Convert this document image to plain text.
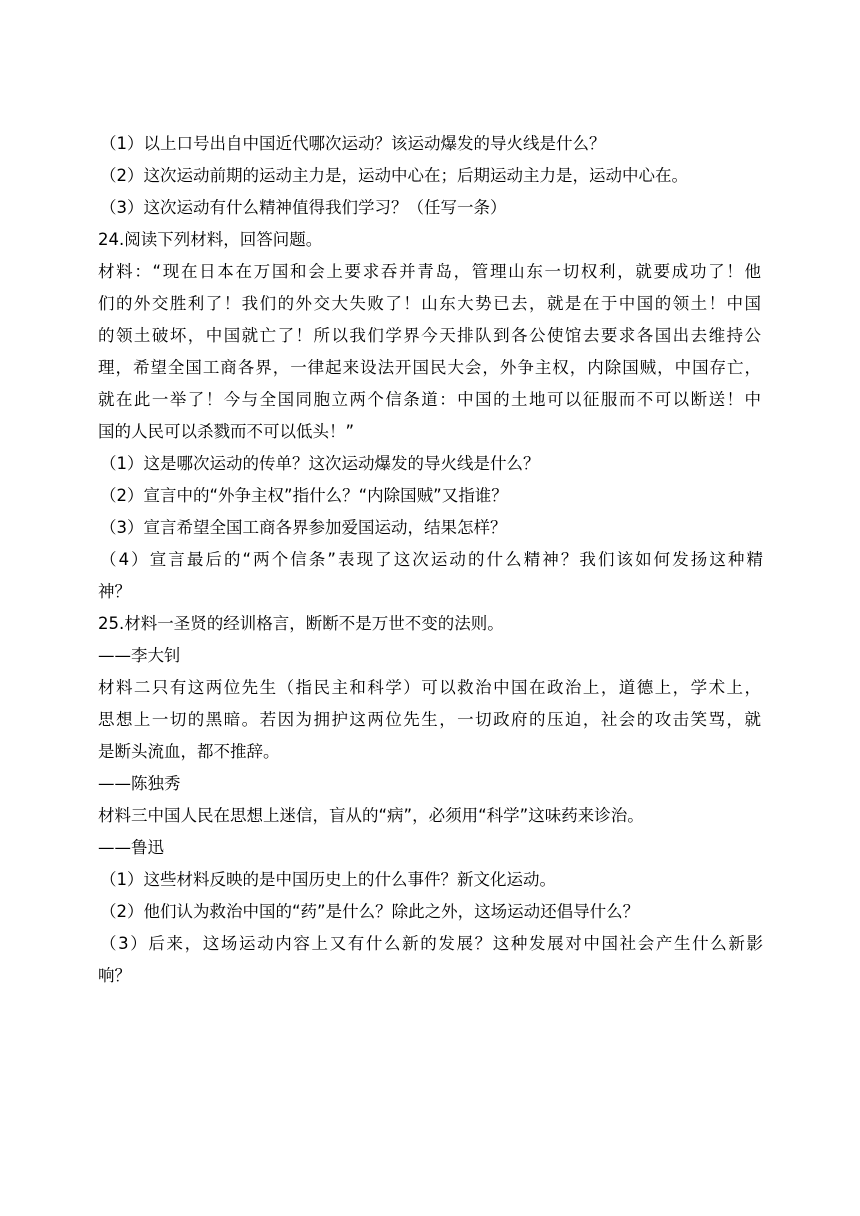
（1）以上口号出自中国近代哪次运动？该运动爆发的导火线是什么？
（2）这次运动前期的运动主力是，运动中心在；后期运动主力是，运动中心在。
（3）这次运动有什么精神值得我们学习？（任写一条）
24.阅读下列材料，回答问题。
材料：“现在日本在万国和会上要求吞并青岛，管理山东一切权利，就要成功了！他
们的外交胜利了！我们的外交大失败了！山东大势已去，就是在于中国的领土！中国
的领土破坏，中国就亡了！所以我们学界今天排队到各公使馆去要求各国出去维持公
理，希望全国工商各界，一律起来设法开国民大会，外争主权，内除国贼，中国存亡，
就在此一举了！今与全国同胞立两个信条道：中国的土地可以征服而不可以断送！中
国的人民可以杀戮而不可以低头！”
（1）这是哪次运动的传单？这次运动爆发的导火线是什么？
（2）宣言中的“外争主权”指什么？“内除国贼”又指谁？
（3）宣言希望全国工商各界参加爱国运动，结果怎样？
（4）宣言最后的“两个信条”表现了这次运动的什么精神？我们该如何发扬这种精
神？
25.材料一圣贤的经训格言，断断不是万世不变的法则。
——李大钊
材料二只有这两位先生（指民主和科学）可以救治中国在政治上，道德上，学术上，
思想上一切的黑暗。若因为拥护这两位先生，一切政府的压迫，社会的攻击笑骂，就
是断头流血，都不推辞。
——陈独秀
材料三中国人民在思想上迷信，盲从的“病”，必须用“科学”这味药来诊治。
——鲁迅
（1）这些材料反映的是中国历史上的什么事件？新文化运动。
（2）他们认为救治中国的“药”是什么？除此之外，这场运动还倡导什么？
（3）后来，这场运动内容上又有什么新的发展？这种发展对中国社会产生什么新影
响？
